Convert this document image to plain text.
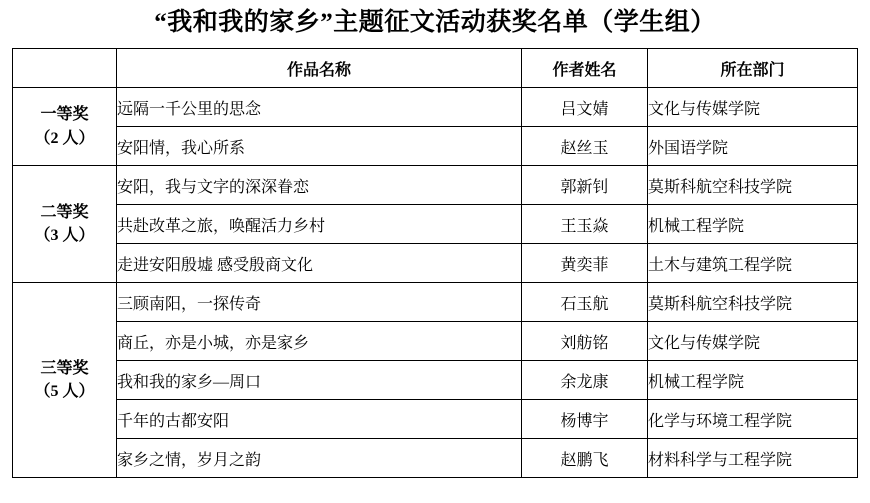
“我和我的家乡”主题征文活动获奖名单（学生组）
	作品名称	作者姓名	所在部门

一等奖
（2 人）	远隔一千公里的思念	吕文婧	文化与传媒学院
	安阳情，我心所系	赵丝玉	外国语学院

二等奖
（3 人）	安阳，我与文字的深深眷恋	郭新钊	莫斯科航空科技学院
	共赴改革之旅，唤醒活力乡村	王玉焱	机械工程学院
	走进安阳殷墟 感受殷商文化	黄奕菲	土木与建筑工程学院

三等奖
（5 人）	三顾南阳，一探传奇	石玉航	莫斯科航空科技学院
	商丘，亦是小城，亦是家乡	刘舫铭	文化与传媒学院
	我和我的家乡—周口	余龙康	机械工程学院
	千年的古都安阳	杨博宇	化学与环境工程学院
	家乡之情，岁月之韵	赵鹏飞	材料科学与工程学院
